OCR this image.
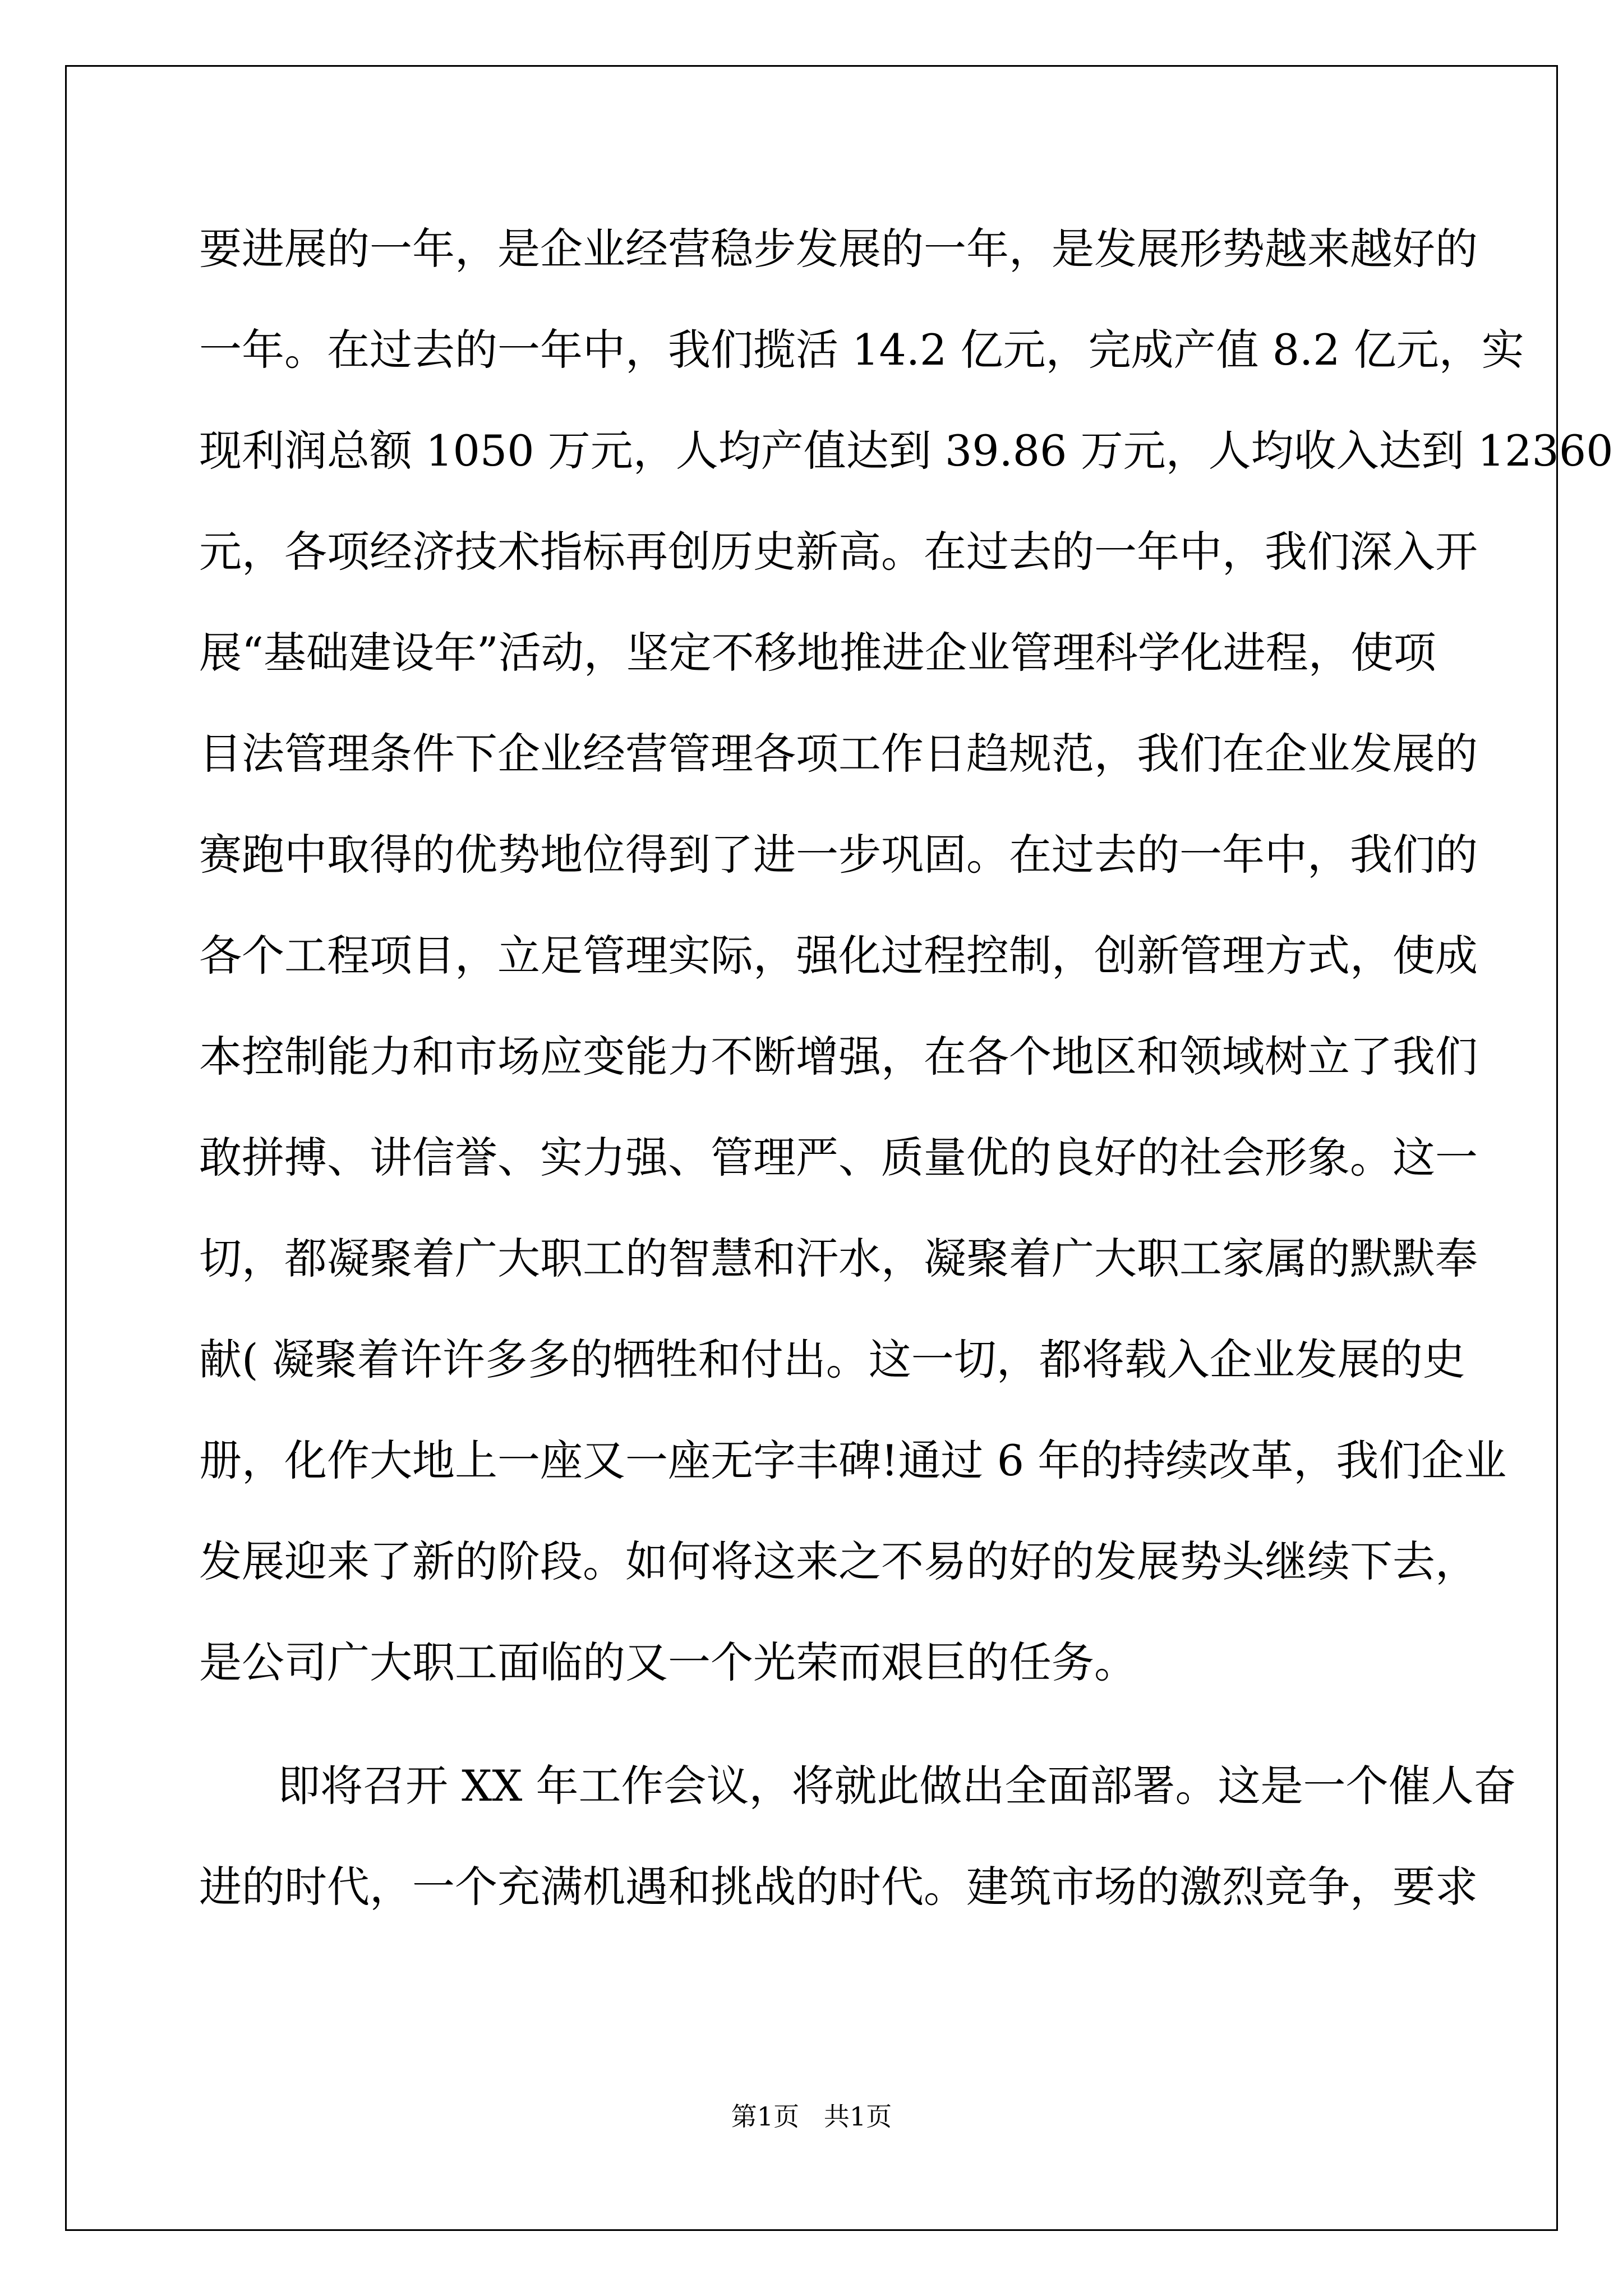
要进展的一年，是企业经营稳步发展的一年，是发展形势越来越好的
一年。在过去的一年中，我们揽活 14.2 亿元，完成产值 8.2 亿元，实
现利润总额 1050 万元，人均产值达到 39.86 万元，人均收入达到 12360
元，各项经济技术指标再创历史新高。在过去的一年中，我们深入开
展“基础建设年”活动，坚定不移地推进企业管理科学化进程，使项
目法管理条件下企业经营管理各项工作日趋规范，我们在企业发展的
赛跑中取得的优势地位得到了进一步巩固。在过去的一年中，我们的
各个工程项目，立足管理实际，强化过程控制，创新管理方式，使成
本控制能力和市场应变能力不断增强，在各个地区和领域树立了我们
敢拼搏、讲信誉、实力强、管理严、质量优的良好的社会形象。这一
切，都凝聚着广大职工的智慧和汗水，凝聚着广大职工家属的默默奉
献( 凝聚着许许多多的牺牲和付出。这一切，都将载入企业发展的史
册，化作大地上一座又一座无字丰碑!通过 6 年的持续改革，我们企业
发展迎来了新的阶段。如何将这来之不易的好的发展势头继续下去，
是公司广大职工面临的又一个光荣而艰巨的任务。
即将召开 XX 年工作会议，将就此做出全面部署。这是一个催人奋
进的时代，一个充满机遇和挑战的时代。建筑市场的激烈竞争，要求
第1页   共1页
